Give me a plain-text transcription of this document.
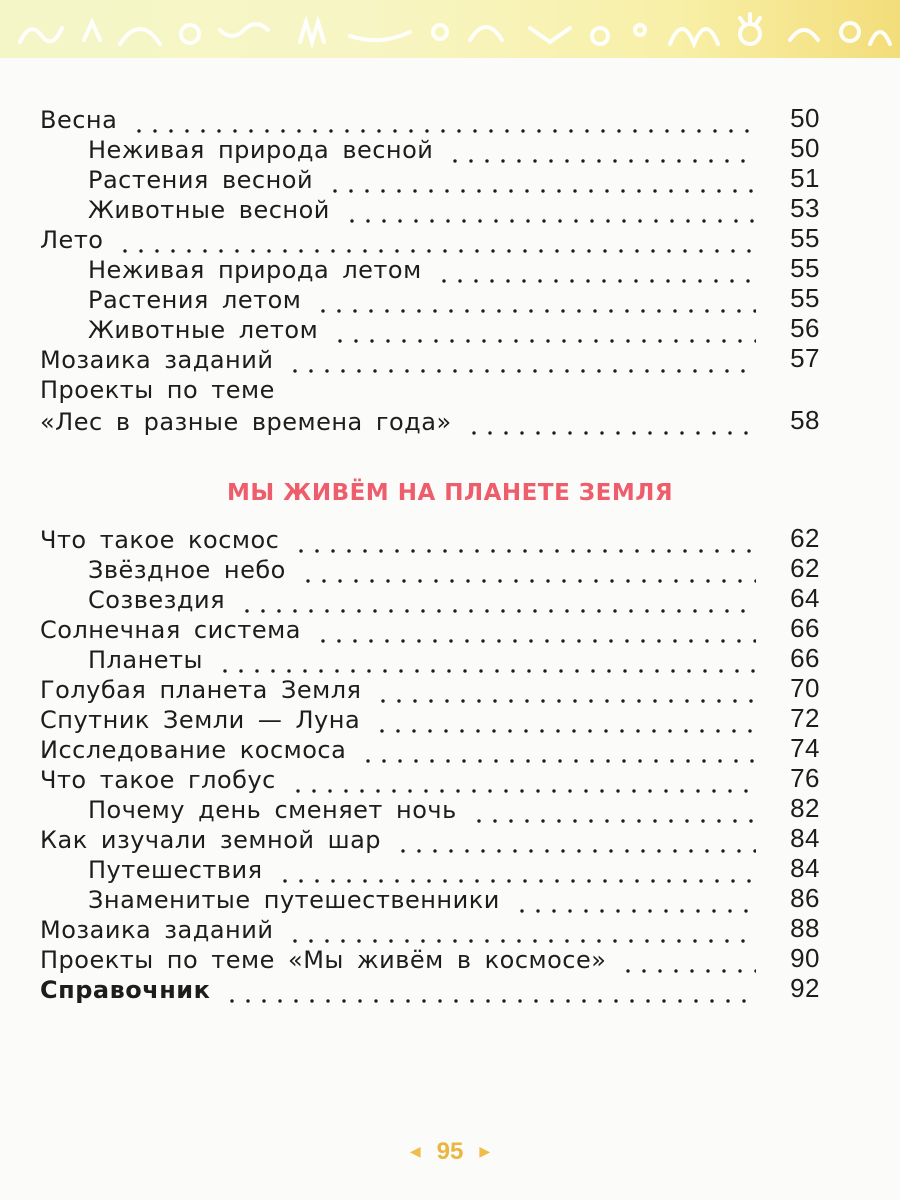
Весна	50
Неживая природа весной	50
Растения весной	51
Животные весной	53
Лето	55
Неживая природа летом	55
Растения летом	55
Животные летом	56
Мозаика заданий	57
Проекты по теме
«Лес в разные времена года»	58
МЫ ЖИВЁМ НА ПЛАНЕТЕ ЗЕМЛЯ
Что такое космос	62
Звёздное небо	62
Созвездия	64
Солнечная система	66
Планеты	66
Голубая планета Земля	70
Спутник Земли — Луна	72
Исследование космоса	74
Что такое глобус	76
Почему день сменяет ночь	82
Как изучали земной шар	84
Путешествия	84
Знаменитые путешественники	86
Мозаика заданий	88
Проекты по теме «Мы живём в космосе»	90
Справочник	92
◀ 95 ▶
